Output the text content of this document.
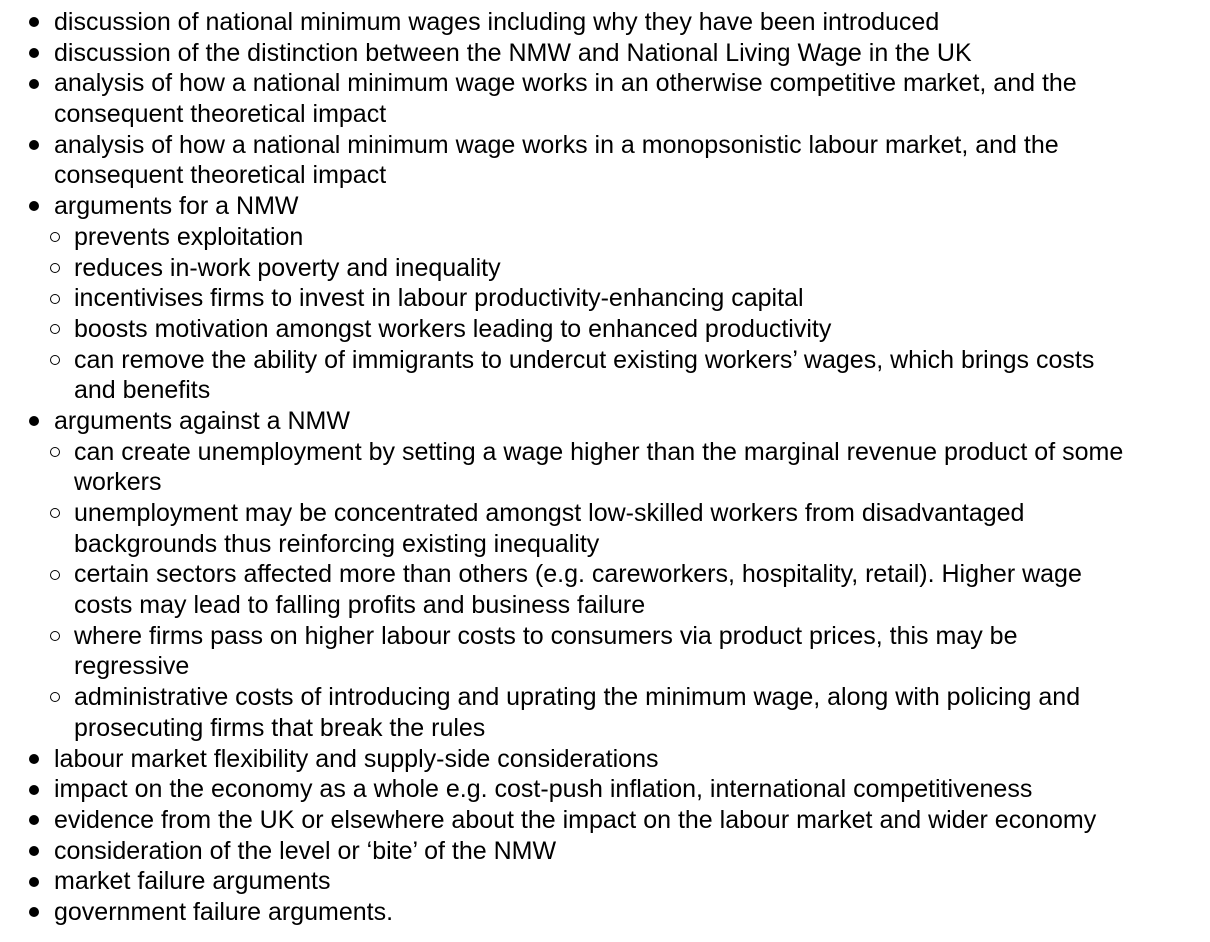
discussion of national minimum wages including why they have been introduced
discussion of the distinction between the NMW and National Living Wage in the UK
analysis of how a national minimum wage works in an otherwise competitive market, and the
consequent theoretical impact
analysis of how a national minimum wage works in a monopsonistic labour market, and the
consequent theoretical impact
arguments for a NMW
prevents exploitation
reduces in-work poverty and inequality
incentivises firms to invest in labour productivity-enhancing capital
boosts motivation amongst workers leading to enhanced productivity
can remove the ability of immigrants to undercut existing workers’ wages, which brings costs
and benefits
arguments against a NMW
can create unemployment by setting a wage higher than the marginal revenue product of some
workers
unemployment may be concentrated amongst low-skilled workers from disadvantaged
backgrounds thus reinforcing existing inequality
certain sectors affected more than others (e.g. careworkers, hospitality, retail). Higher wage
costs may lead to falling profits and business failure
where firms pass on higher labour costs to consumers via product prices, this may be
regressive
administrative costs of introducing and uprating the minimum wage, along with policing and
prosecuting firms that break the rules
labour market flexibility and supply-side considerations
impact on the economy as a whole e.g. cost-push inflation, international competitiveness
evidence from the UK or elsewhere about the impact on the labour market and wider economy
consideration of the level or ‘bite’ of the NMW
market failure arguments
government failure arguments.
